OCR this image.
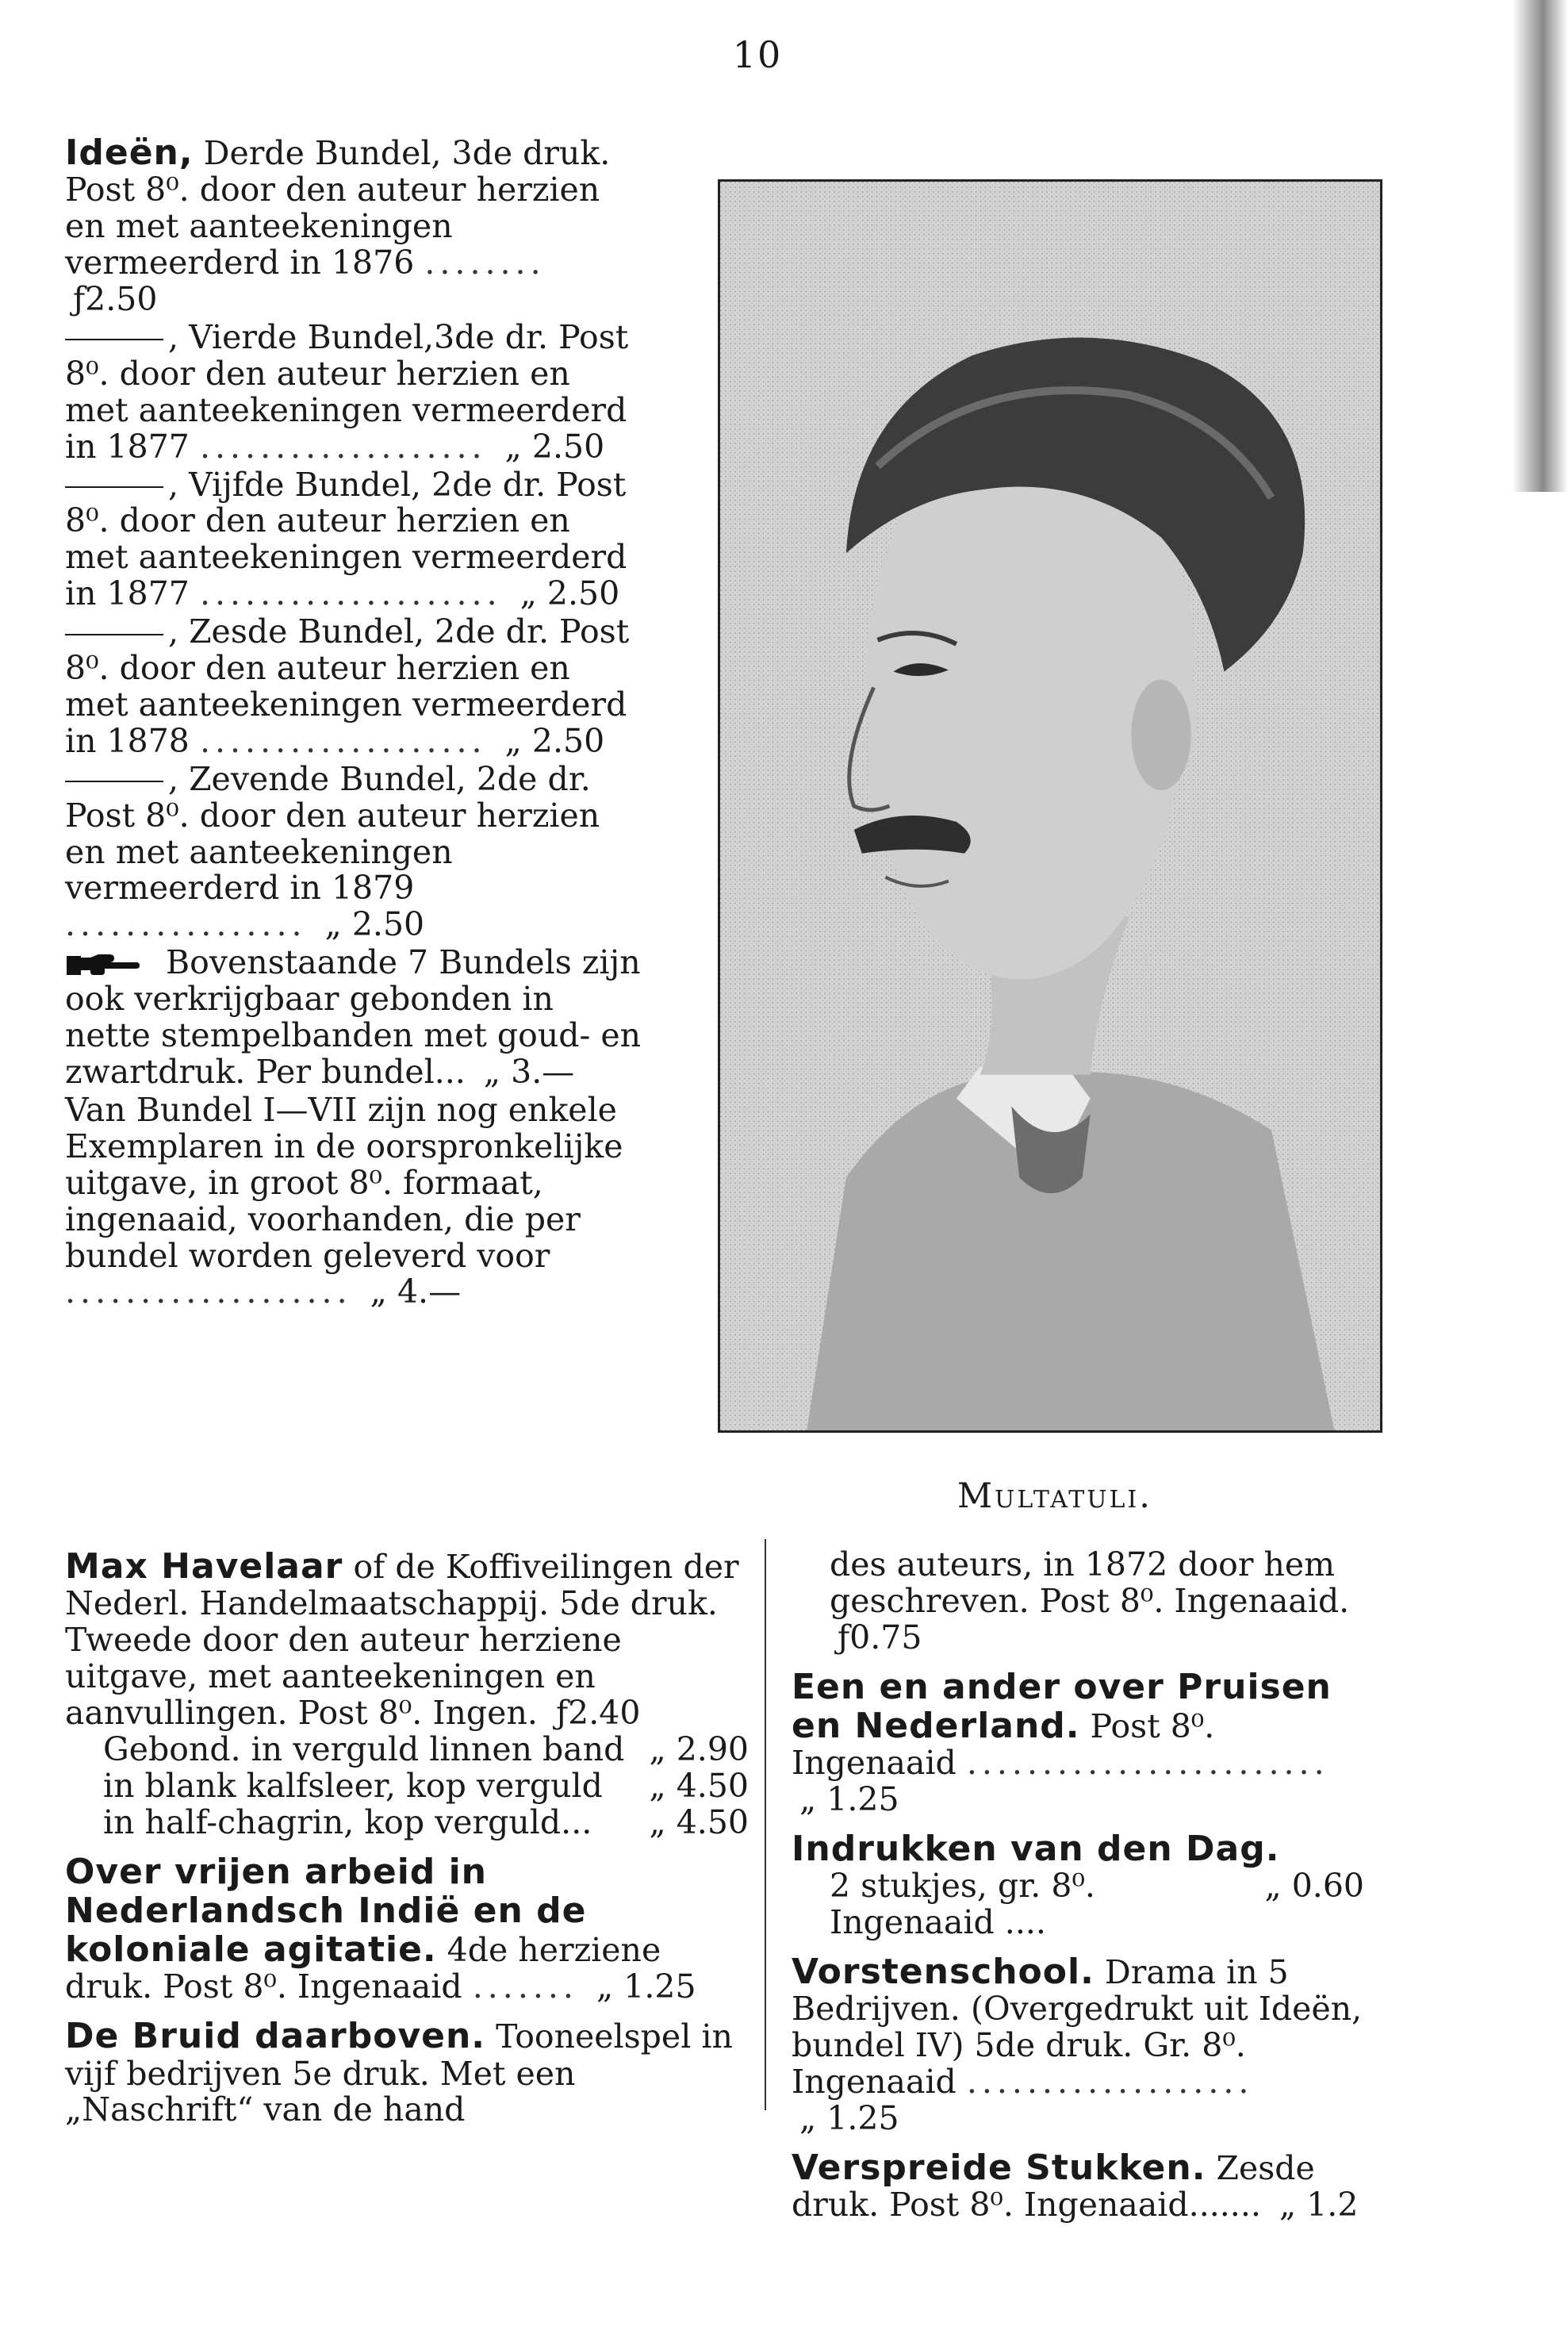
10

Ideën, Derde Bundel, 3de druk. Post 8⁰. door den auteur herzien en met aanteekeningen vermeerderd in 1876 ........ ƒ2.50

, Vierde Bundel,3de dr. Post 8⁰. door den auteur herzien en met aanteekeningen vermeerderd in 1877 ................... „ 2.50

, Vijfde Bundel, 2de dr. Post 8⁰. door den auteur herzien en met aanteekeningen vermeerderd in 1877 .................... „ 2.50

, Zesde Bundel, 2de dr. Post 8⁰. door den auteur herzien en met aanteekeningen vermeerderd in 1878 ................... „ 2.50

, Zevende Bundel, 2de dr. Post 8⁰. door den auteur herzien en met aanteekeningen vermeerderd in 1879 ................ „ 2.50

Bovenstaande 7 Bundels zijn ook verkrijgbaar gebonden in nette stempelbanden met goud- en zwartdruk. Per bundel... „ 3.—

Van Bundel I—VII zijn nog enkele Exemplaren in de oorspronkelijke uitgave, in groot 8⁰. formaat, ingenaaid, voorhanden, die per bundel worden geleverd voor ................... „ 4.—

Multatuli.
Max Havelaar of de Koffiveilingen der Nederl. Handelmaatschappij. 5de druk. Tweede door den auteur herziene uitgave, met aanteekeningen en aanvullingen. Post 8⁰. Ingen. ƒ2.40
Gebond. in verguld linnen band „ 2.90
in blank kalfsleer, kop verguld „ 4.50
in half-chagrin, kop verguld... „ 4.50
Over vrijen arbeid in Nederlandsch Indië en de koloniale agitatie. 4de herziene druk. Post 8⁰. Ingenaaid ....... „ 1.25
De Bruid daarboven. Tooneelspel in vijf bedrijven 5e druk. Met een „Naschrift“ van de hand
des auteurs, in 1872 door hem geschreven. Post 8⁰. Ingenaaid. ƒ0.75
Een en ander over Pruisen en Nederland. Post 8⁰. Ingenaaid ........................ „ 1.25
Indrukken van den Dag.
2 stukjes, gr. 8⁰. Ingenaaid ....
„ 0.60
Vorstenschool. Drama in 5 Bedrijven. (Overgedrukt uit Ideën, bundel IV) 5de druk. Gr. 8⁰. Ingenaaid ................... „ 1.25
Verspreide Stukken. Zesde druk. Post 8⁰. Ingenaaid....... „ 1.2
